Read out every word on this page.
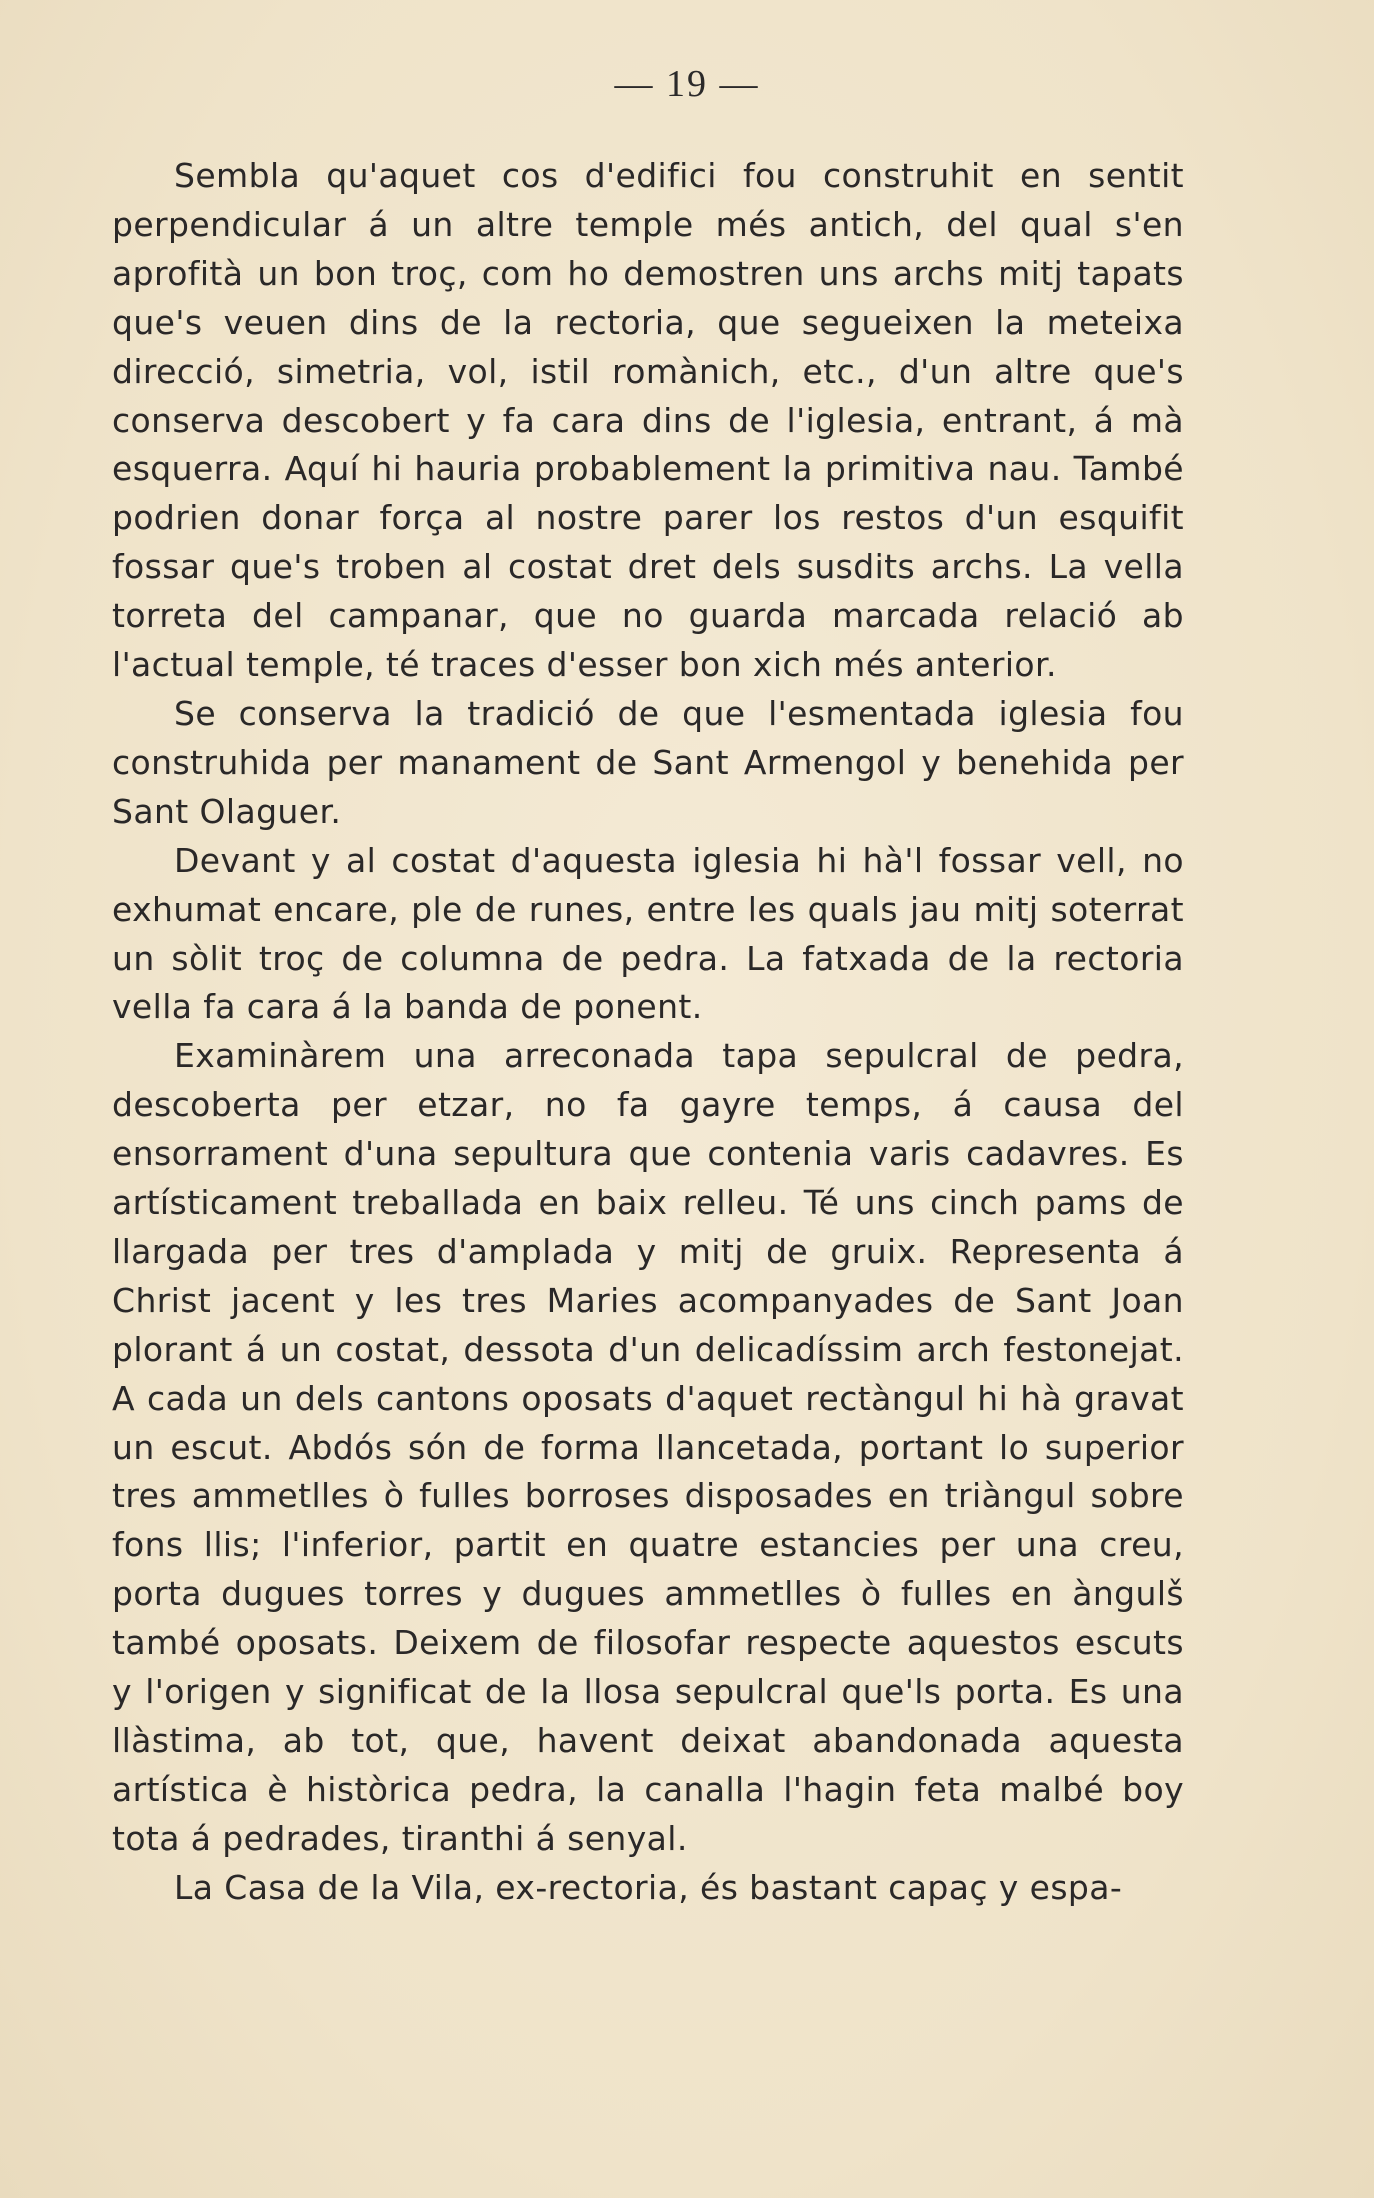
— 19 —

Sembla qu'aquet cos d'edifici fou construhit en sentit perpendicular á un altre temple més antich, del qual s'en aprofità un bon troç, com ho demostren uns archs mitj tapats que's veuen dins de la rectoria, que segueixen la meteixa direcció, simetria, vol, istil romànich, etc., d'un altre que's conserva descobert y fa cara dins de l'iglesia, entrant, á mà esquerra. Aquí hi hauria probablement la primitiva nau. També podrien donar força al nostre parer los restos d'un esquifit fossar que's troben al costat dret dels susdits archs. La vella torreta del campanar, que no guarda marcada relació ab l'actual temple, té traces d'esser bon xich més anterior.

Se conserva la tradició de que l'esmentada iglesia fou construhida per manament de Sant Armengol y benehida per Sant Olaguer.

Devant y al costat d'aquesta iglesia hi hà'l fossar vell, no exhumat encare, ple de runes, entre les quals jau mitj soterrat un sòlit troç de columna de pedra. La fatxada de la rectoria vella fa cara á la banda de ponent.

Examinàrem una arreconada tapa sepulcral de pedra, descoberta per etzar, no fa gayre temps, á causa del ensorrament d'una sepultura que contenia varis cadavres. Es artísticament treballada en baix relleu. Té uns cinch pams de llargada per tres d'amplada y mitj de gruix. Representa á Christ jacent y les tres Maries acompanyades de Sant Joan plorant á un costat, dessota d'un delicadíssim arch festonejat. A cada un dels cantons oposats d'aquet rectàngul hi hà gravat un escut. Abdós són de forma llancetada, portant lo superior tres ammetlles ò fulles borroses disposades en triàngul sobre fons llis; l'inferior, partit en quatre estancies per una creu, porta dugues torres y dugues ammetlles ò fulles en àngulš també oposats. Deixem de filosofar respecte aquestos escuts y l'origen y significat de la llosa sepulcral que'ls porta. Es una llàstima, ab tot, que, havent deixat abandonada aquesta artística è històrica pedra, la canalla l'hagin feta malbé boy tota á pedrades, tiranthi á senyal.

La Casa de la Vila, ex-rectoria, és bastant capaç y espa-
